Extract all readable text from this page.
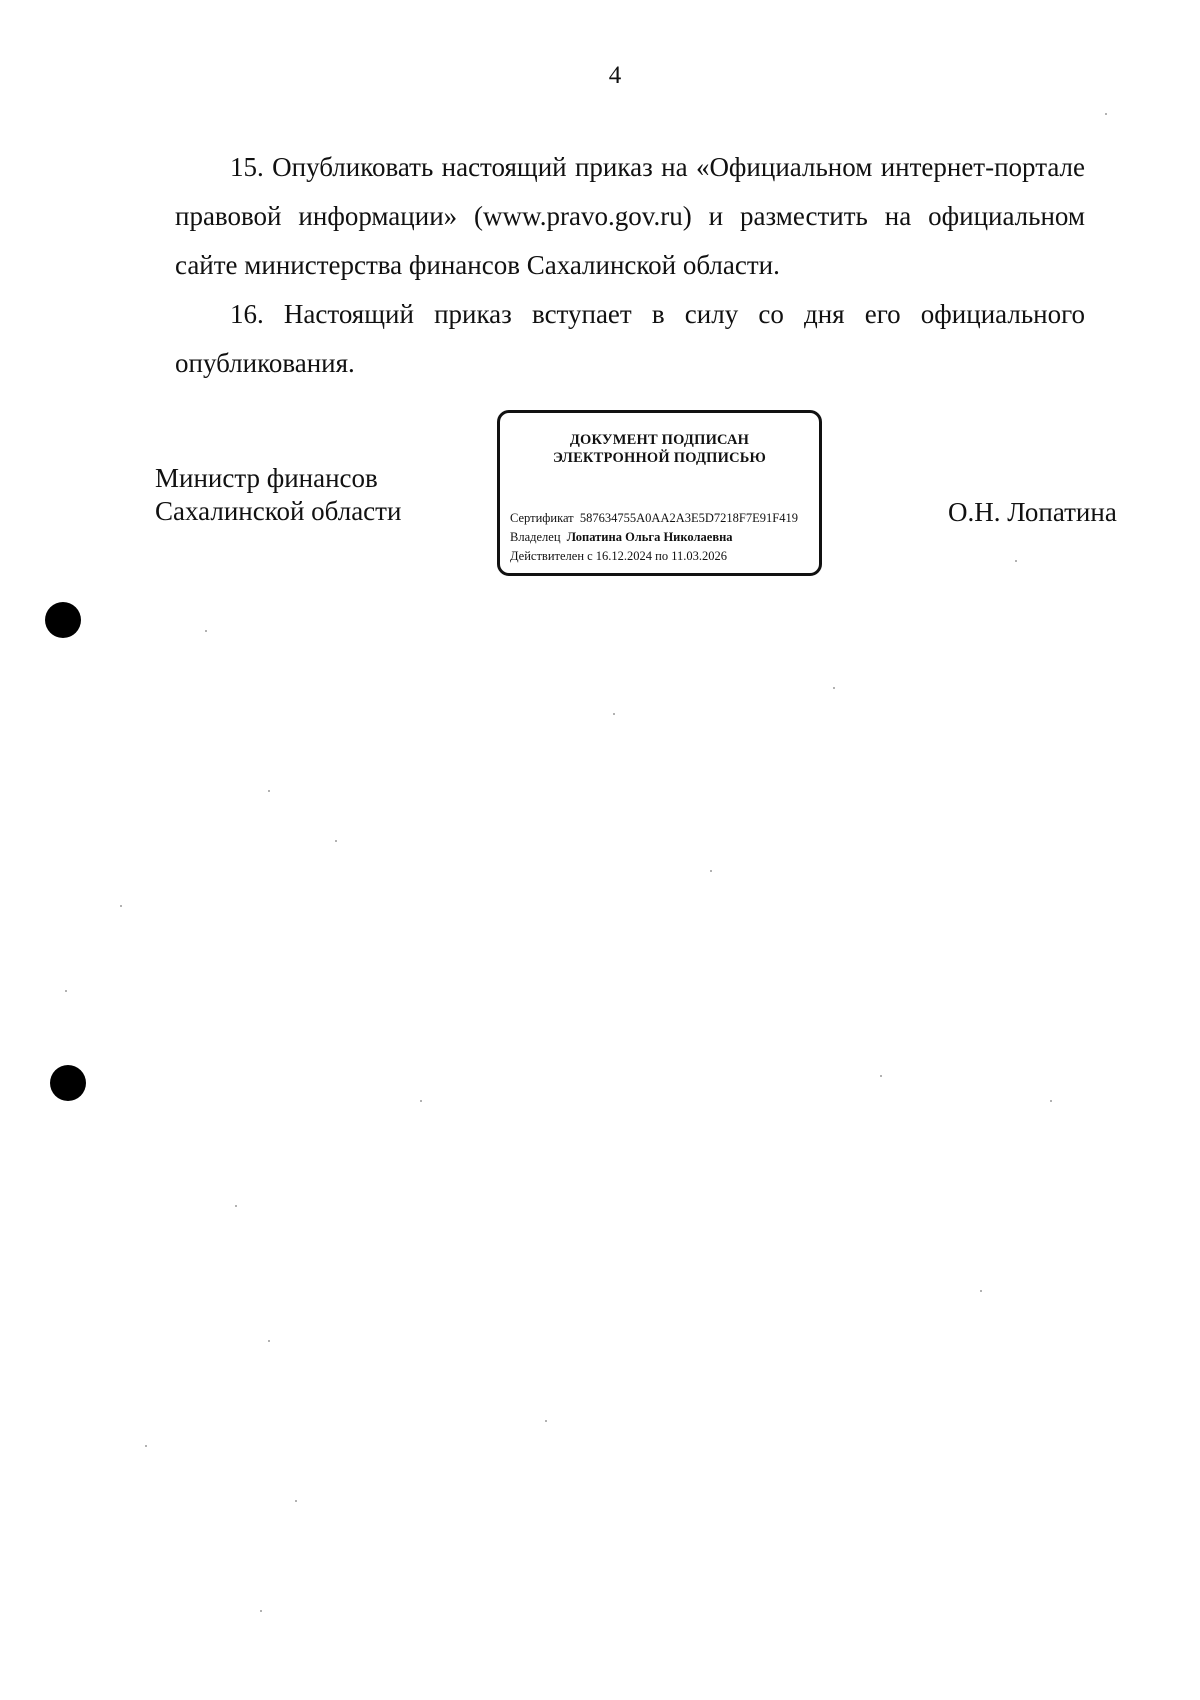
4

15. Опубликовать настоящий приказ на «Официальном интернет-портале правовой информации» (www.pravo.gov.ru) и разместить на официальном сайте министерства финансов Сахалинской области.

16. Настоящий приказ вступает в силу со дня его официального опубликования.

Министр финансов
Сахалинской области
ДОКУМЕНТ ПОДПИСАН
ЭЛЕКТРОННОЙ ПОДПИСЬЮ
Сертификат 587634755A0AA2A3E5D7218F7E91F419
Владелец Лопатина Ольга Николаевна
Действителен с 16.12.2024 по 11.03.2026
О.Н. Лопатина
